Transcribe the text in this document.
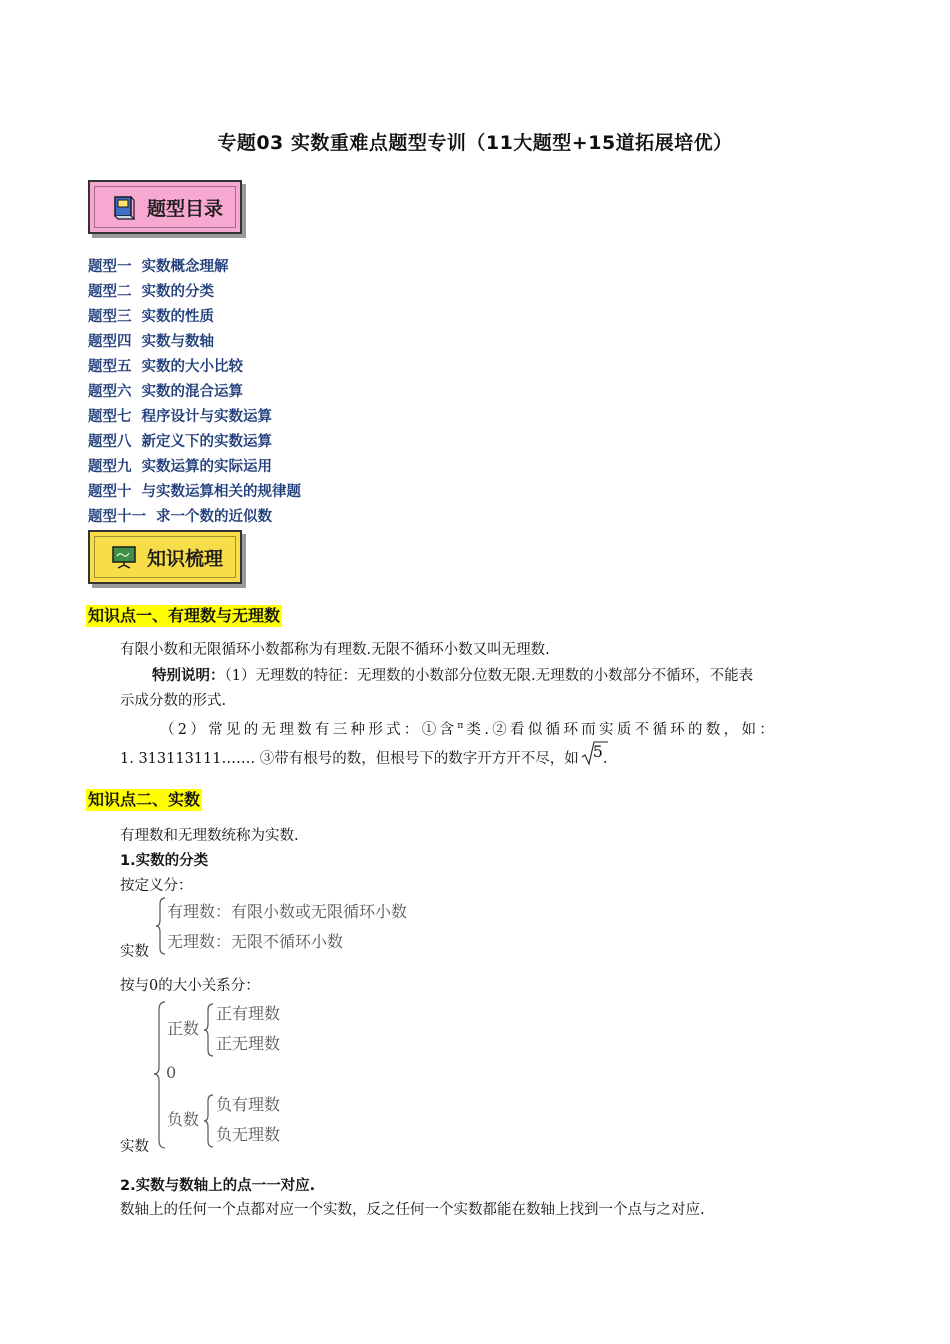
专题03 实数重难点题型专训（11大题型+15道拓展培优）
题型目录
题型一 实数概念理解
题型二 实数的分类
题型三 实数的性质
题型四 实数与数轴
题型五 实数的大小比较
题型六 实数的混合运算
题型七 程序设计与实数运算
题型八 新定义下的实数运算
题型九 实数运算的实际运用
题型十 与实数运算相关的规律题
题型十一 求一个数的近似数
知识梳理
知识点一、有理数与无理数
有限小数和无限循环小数都称为有理数.无限不循环小数又叫无理数.
特别说明：（1）无理数的特征：无理数的小数部分位数无限.无理数的小数部分不循环，不能表
示成分数的形式.
（2）常见的无理数有三种形式：①含$^\pi$类.②看似循环而实质不循环的数，如：
1. 313113111……. ③带有根号的数，但根号下的数字开方开不尽，如 5.
知识点二、实数
有理数和无理数统称为实数.
1.实数的分类
按定义分：
有理数：有限小数或无限循环小数
无理数：无限不循环小数
实数
按与0的大小关系分：
正数
正有理数
正无理数
0
负数
负有理数
负无理数
实数
2.实数与数轴上的点一一对应.
数轴上的任何一个点都对应一个实数，反之任何一个实数都能在数轴上找到一个点与之对应.
